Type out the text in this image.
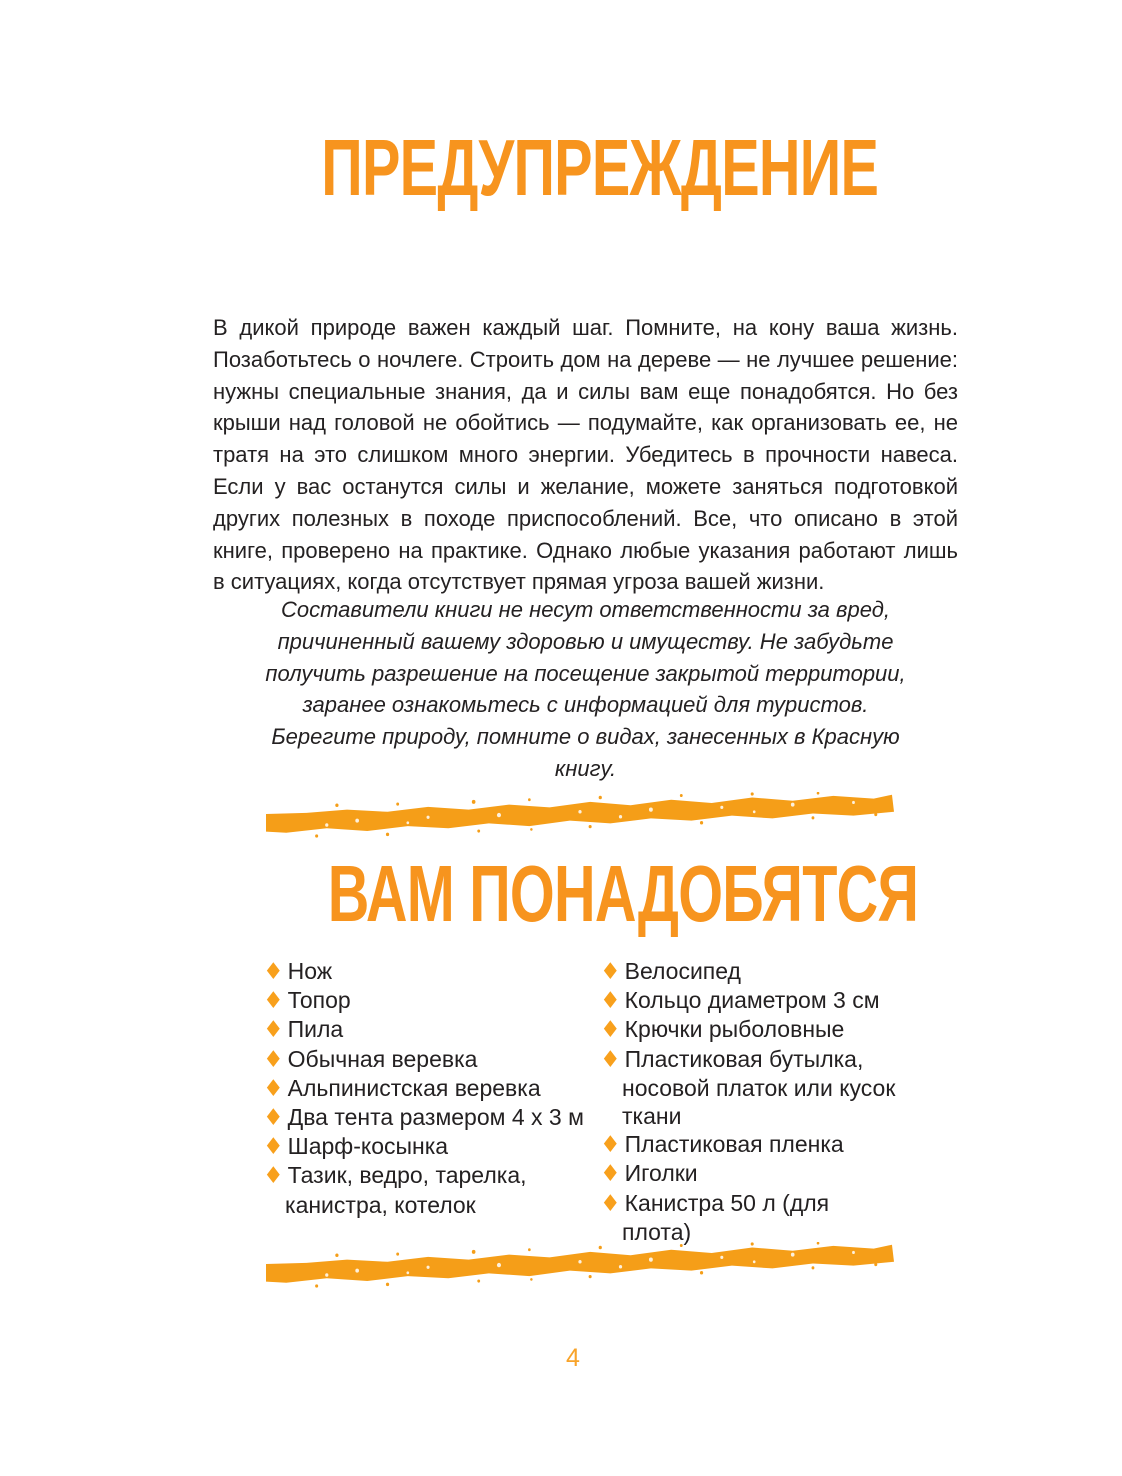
ПРЕДУПРЕЖДЕНИЕ

В дикой природе важен каждый шаг. Помните, на кону ваша жизнь. Позаботьтесь о ночлеге. Строить дом на дереве — не лучшее решение: нужны специальные знания, да и силы вам еще понадобятся. Но без крыши над головой не обойтись — подумайте, как организовать ее, не тратя на это слишком много энергии. Убедитесь в прочности навеса. Если у вас останутся силы и желание, можете заняться подготовкой других полезных в походе приспособлений. Все, что описано в этой книге, проверено на практике. Однако любые указания работают лишь в ситуациях, когда отсутствует прямая угроза вашей жизни.

Составители книги не несут ответственности за вред, причиненный вашему здоровью и имуществу. Не забудьте получить разрешение на посещение закрытой территории, заранее ознакомьтесь с информацией для туристов. Берегите природу, помните о видах, занесенных в Красную книгу.

ВАМ ПОНАДОБЯТСЯ
♦ Нож
♦ Топор
♦ Пила
♦ Обычная веревка
♦ Альпинистская веревка
♦ Два тента размером 4 х 3 м
♦ Шарф-косынка
♦ Тазик, ведро, тарелка, канистра, котелок
♦ Велосипед
♦ Кольцо диаметром 3 см
♦ Крючки рыболовные
♦ Пластиковая бутылка, носовой платок или кусок ткани
♦ Пластиковая пленка
♦ Иголки
♦ Канистра 50 л (для плота)
4
